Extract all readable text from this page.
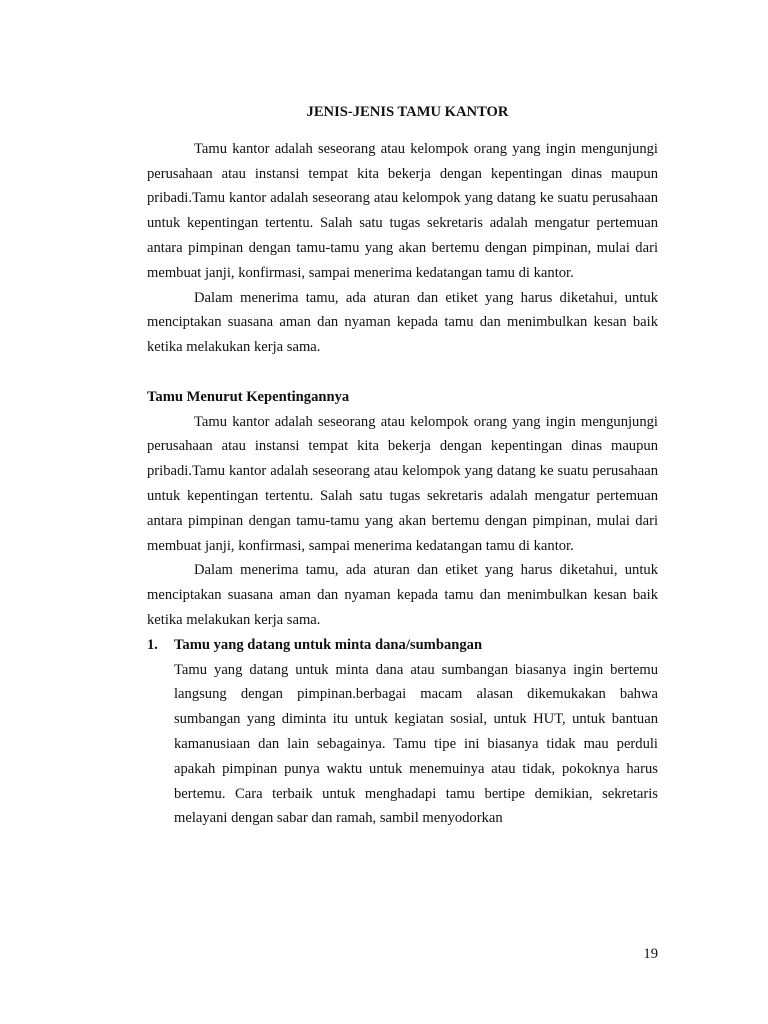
JENIS-JENIS TAMU KANTOR

Tamu kantor adalah seseorang atau kelompok orang yang ingin mengunjungi perusahaan atau instansi tempat kita bekerja dengan kepentingan dinas maupun pribadi.Tamu kantor adalah seseorang atau kelompok yang datang ke suatu perusahaan untuk kepentingan tertentu. Salah satu tugas sekretaris adalah mengatur pertemuan antara pimpinan dengan tamu-tamu yang akan bertemu dengan pimpinan, mulai dari membuat janji, konfirmasi, sampai menerima kedatangan tamu di kantor.

Dalam menerima tamu, ada aturan dan etiket yang harus diketahui, untuk menciptakan suasana aman dan nyaman kepada tamu dan menimbulkan kesan baik ketika melakukan kerja sama.

Tamu Menurut Kepentingannya

Tamu kantor adalah seseorang atau kelompok orang yang ingin mengunjungi perusahaan atau instansi tempat kita bekerja dengan kepentingan dinas maupun pribadi.Tamu kantor adalah seseorang atau kelompok yang datang ke suatu perusahaan untuk kepentingan tertentu. Salah satu tugas sekretaris adalah mengatur pertemuan antara pimpinan dengan tamu-tamu yang akan bertemu dengan pimpinan, mulai dari membuat janji, konfirmasi, sampai menerima kedatangan tamu di kantor.

Dalam menerima tamu, ada aturan dan etiket yang harus diketahui, untuk menciptakan suasana aman dan nyaman kepada tamu dan menimbulkan kesan baik ketika melakukan kerja sama.

1.	Tamu yang datang untuk minta dana/sumbangan

Tamu yang datang untuk minta dana atau sumbangan biasanya ingin bertemu langsung dengan pimpinan.berbagai macam alasan dikemukakan bahwa sumbangan yang diminta itu untuk kegiatan sosial, untuk HUT, untuk bantuan kamanusiaan dan lain sebagainya. Tamu tipe ini biasanya tidak mau perduli apakah pimpinan punya waktu untuk menemuinya atau tidak, pokoknya harus bertemu. Cara terbaik untuk menghadapi tamu bertipe demikian, sekretaris melayani dengan sabar dan ramah, sambil menyodorkan

19
